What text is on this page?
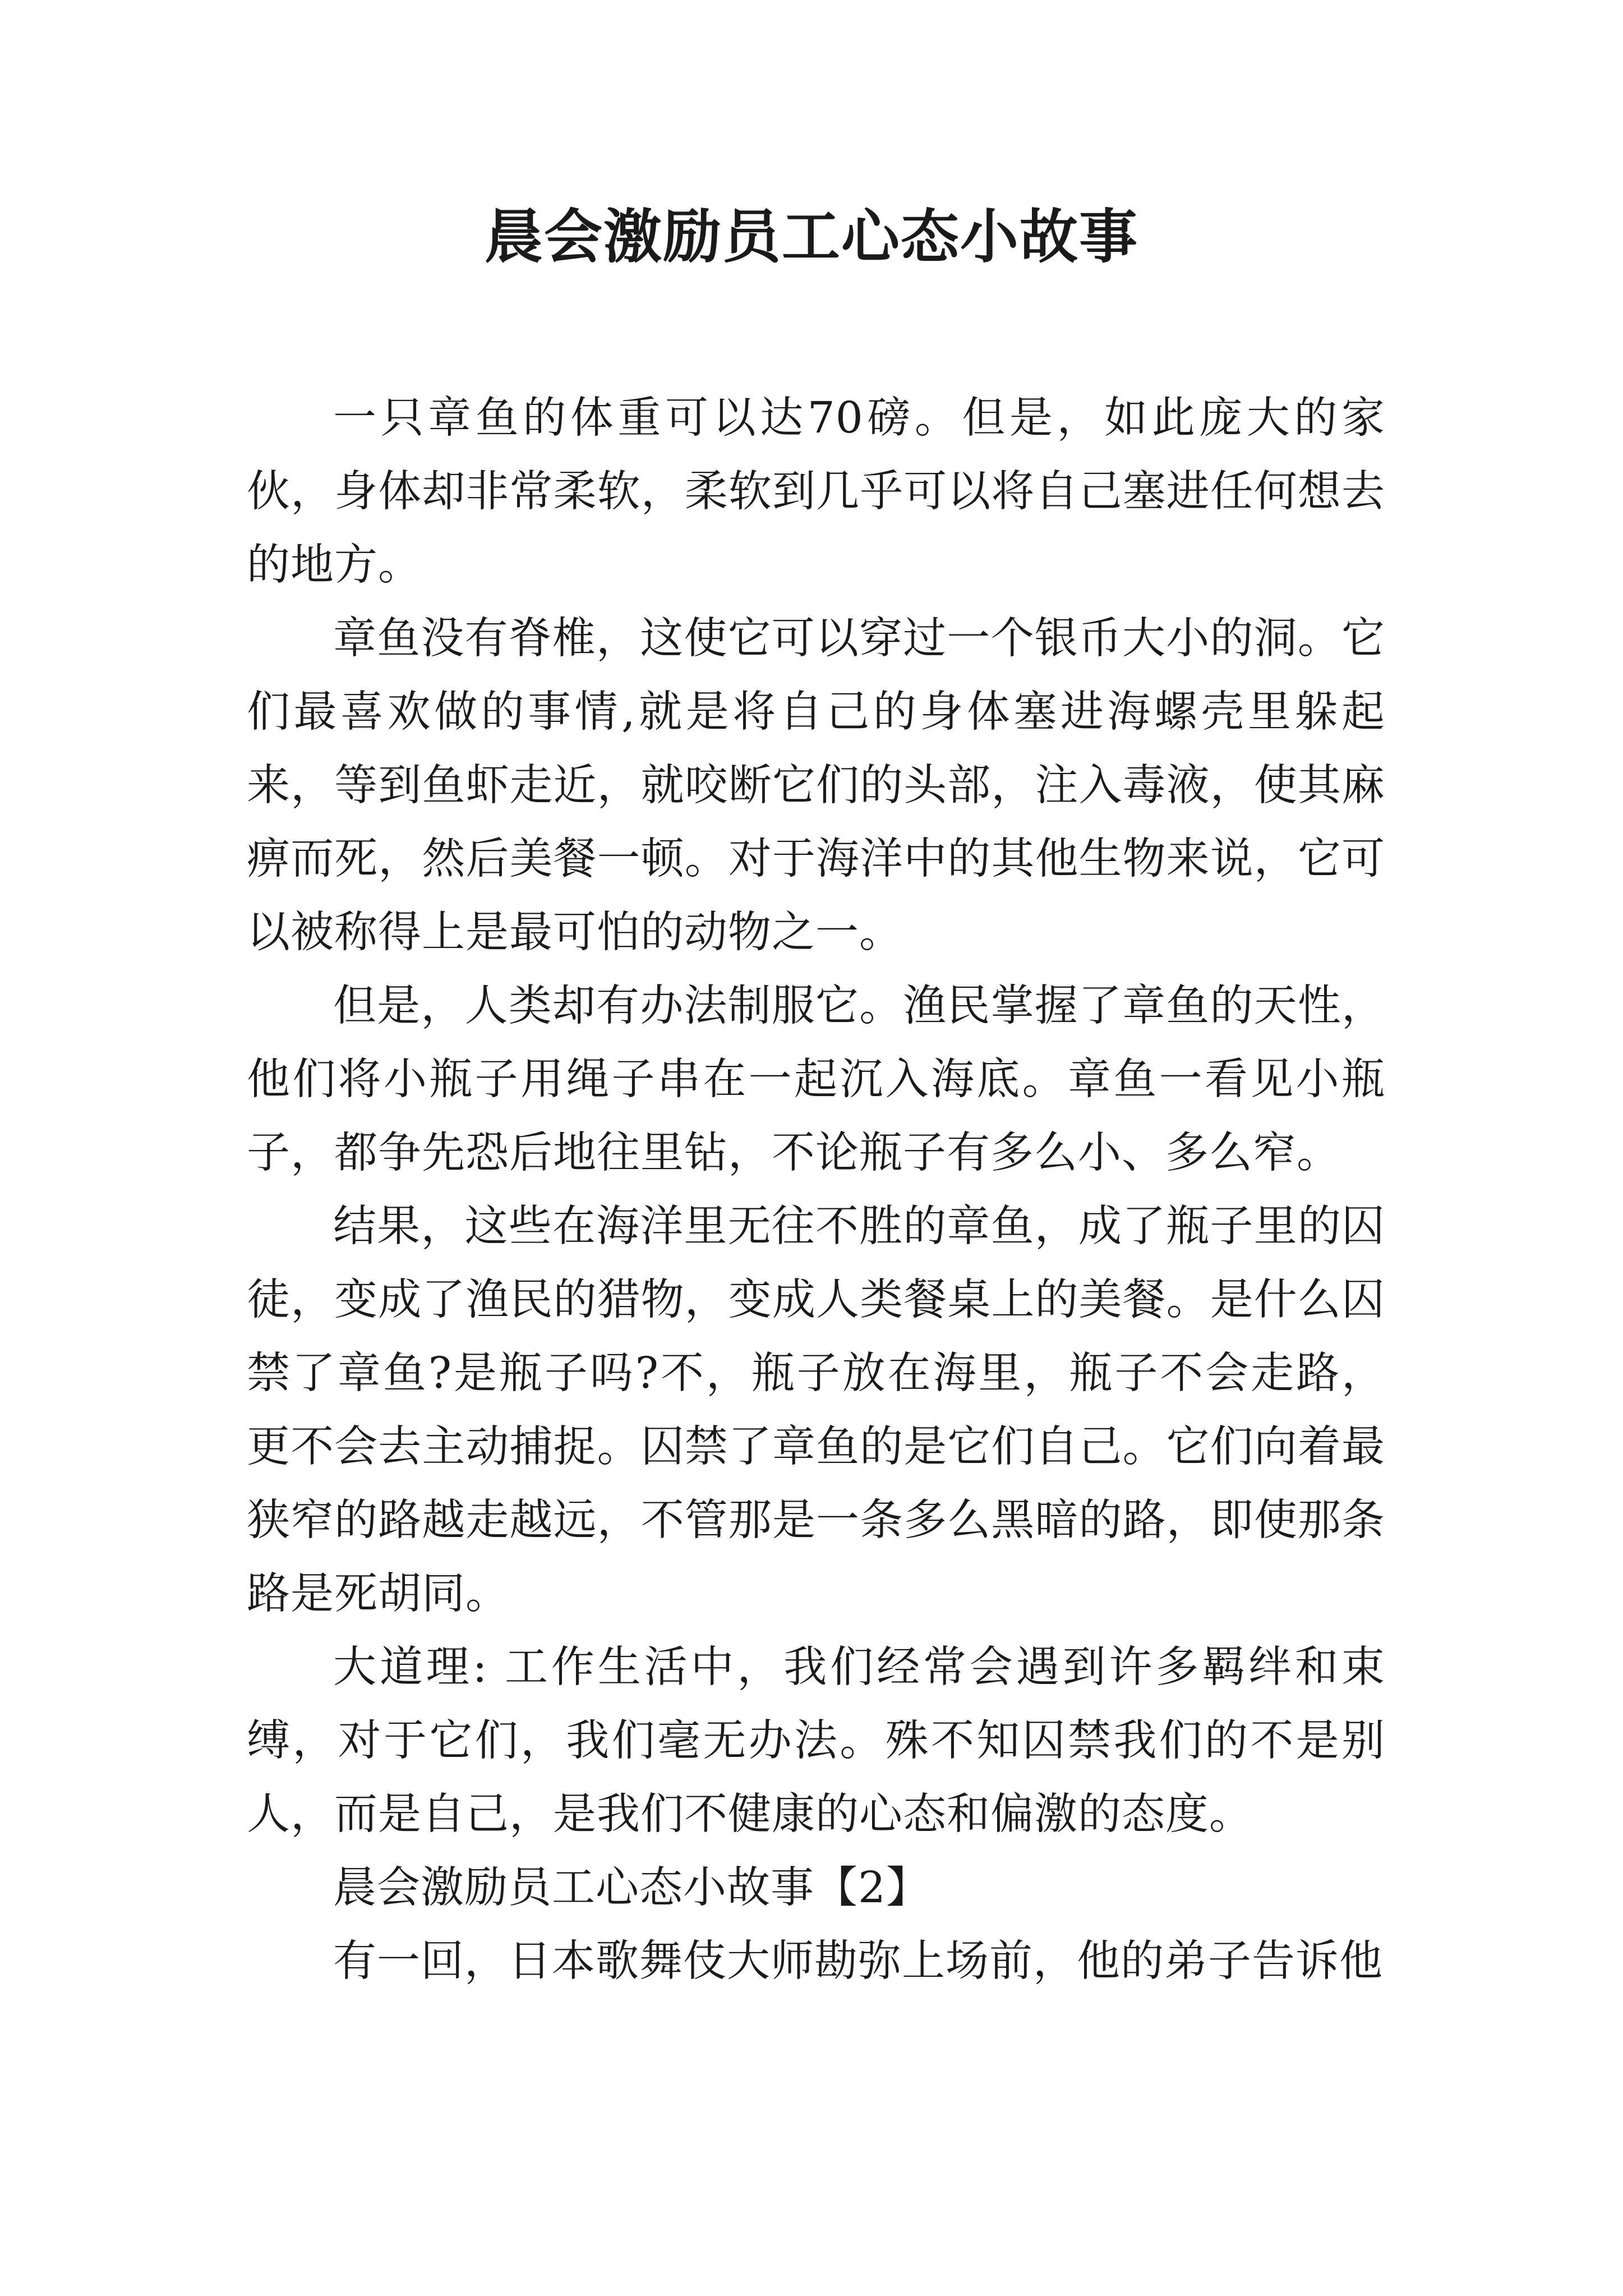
晨会激励员工心态小故事

一只章鱼的体重可以达70磅。但是，如此庞大的家伙，身体却非常柔软，柔软到几乎可以将自己塞进任何想去的地方。

章鱼没有脊椎，这使它可以穿过一个银币大小的洞。它们最喜欢做的事情,就是将自己的身体塞进海螺壳里躲起来，等到鱼虾走近，就咬断它们的头部，注入毒液，使其麻痹而死，然后美餐一顿。对于海洋中的其他生物来说，它可以被称得上是最可怕的动物之一。

但是，人类却有办法制服它。渔民掌握了章鱼的天性，他们将小瓶子用绳子串在一起沉入海底。章鱼一看见小瓶子，都争先恐后地往里钻，不论瓶子有多么小、多么窄。

结果，这些在海洋里无往不胜的章鱼，成了瓶子里的囚徒，变成了渔民的猎物，变成人类餐桌上的美餐。是什么囚禁了章鱼?是瓶子吗?不，瓶子放在海里，瓶子不会走路，更不会去主动捕捉。囚禁了章鱼的是它们自己。它们向着最狭窄的路越走越远，不管那是一条多么黑暗的路，即使那条路是死胡同。

大道理: 工作生活中，我们经常会遇到许多羁绊和束缚，对于它们，我们毫无办法。殊不知囚禁我们的不是别人，而是自己，是我们不健康的心态和偏激的态度。

晨会激励员工心态小故事【2】

有一回，日本歌舞伎大师勘弥上场前，他的弟子告诉他
